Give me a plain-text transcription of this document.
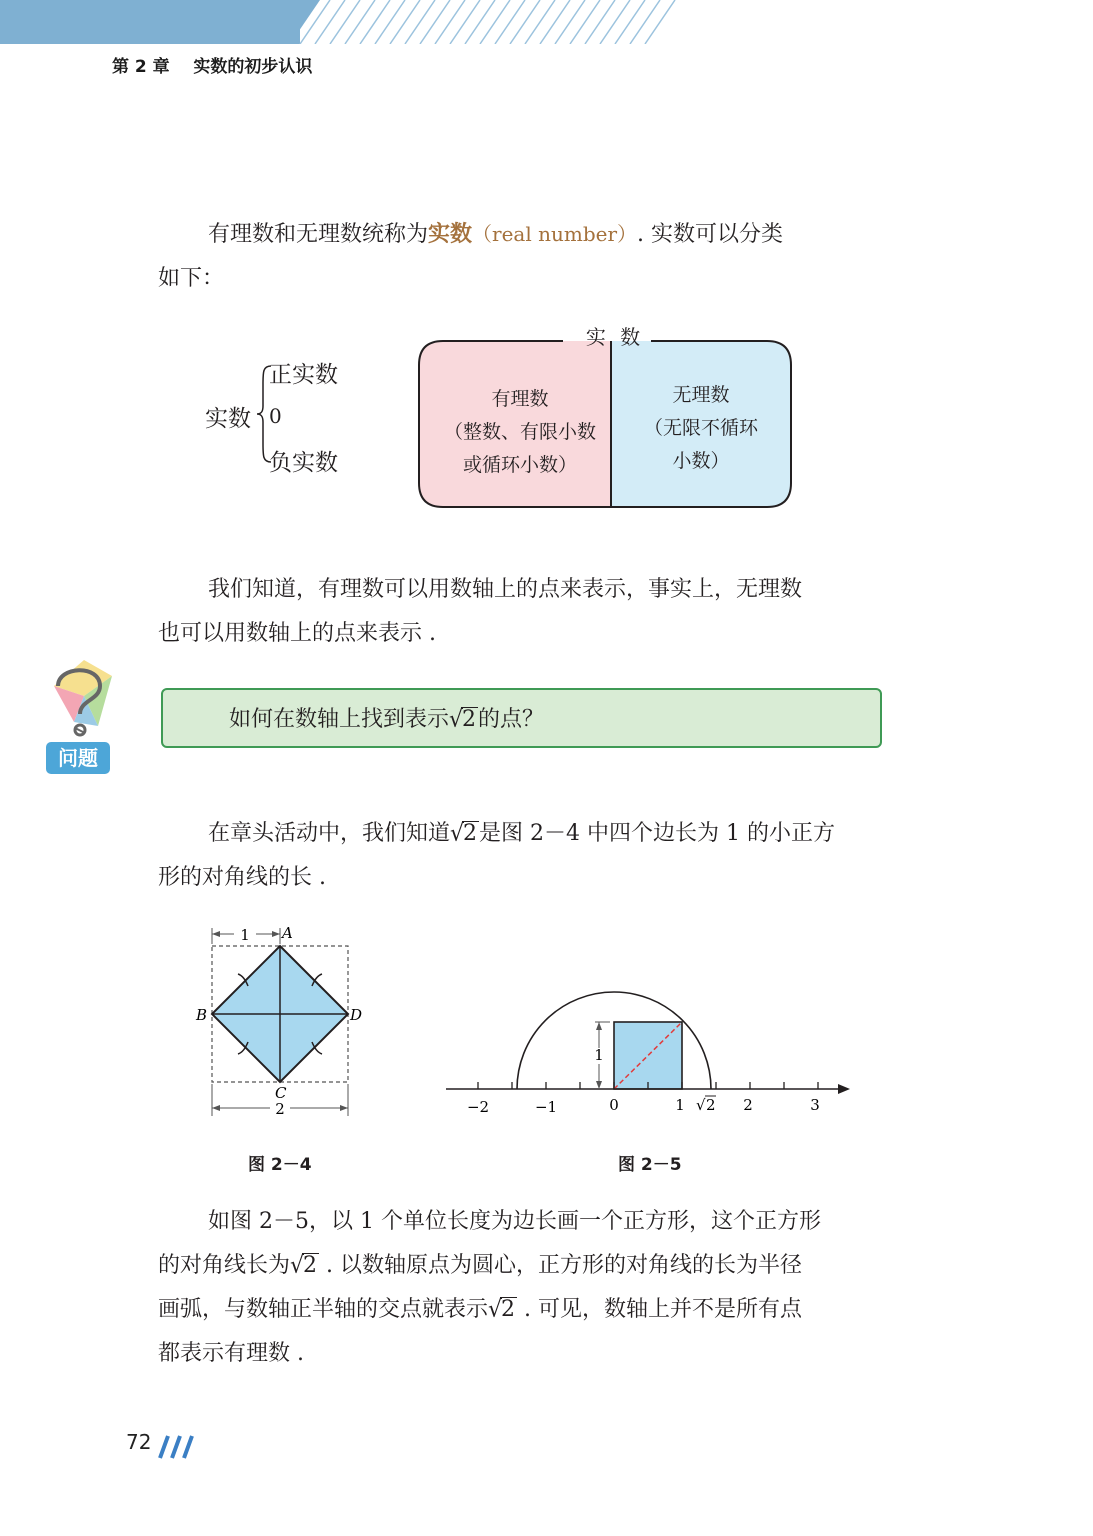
第 2 章    实数的初步认识
有理数和无理数统称为实数（real number）. 实数可以分类
如下：
实数
正实数
0
负实数
实 数
有理数
（整数、有限小数
或循环小数）
无理数
（无限不循环
小数）
我们知道，有理数可以用数轴上的点来表示，事实上，无理数
也可以用数轴上的点来表示 .
问题
如何在数轴上找到表示√2的点？
在章头活动中，我们知道√2是图 2－4 中四个边长为 1 的小正方
形的对角线的长 .
1 A
B
C
D
2
图 2－4
1
−2	−1	0	1	2	3
√ 2
图 2－5
如图 2－5，以 1 个单位长度为边长画一个正方形，这个正方形
的对角线长为√2 . 以数轴原点为圆心，正方形的对角线的长为半径
画弧，与数轴正半轴的交点就表示√2 . 可见，数轴上并不是所有点
都表示有理数 .
72
